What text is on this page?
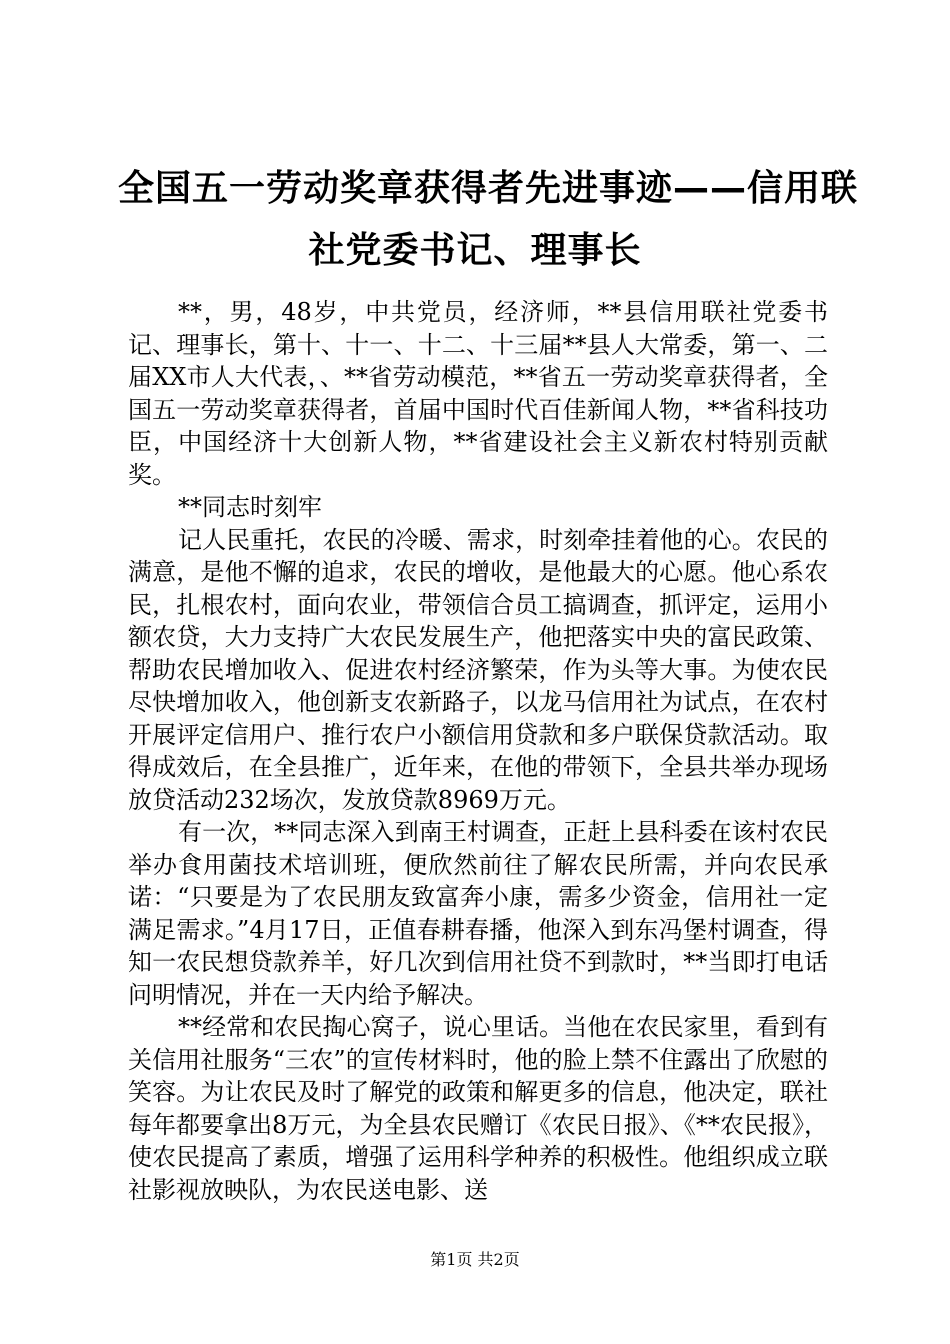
全国五一劳动奖章获得者先进事迹——信用联
社党委书记、理事长

**，男，48岁，中共党员，经济师，**县信用联社党委书记、理事长，第十、十一、十二、十三届**县人大常委，第一、二届XX市人大代表，、**省劳动模范，**省五一劳动奖章获得者，全国五一劳动奖章获得者，首届中国时代百佳新闻人物，**省科技功臣，中国经济十大创新人物，**省建设社会主义新农村特别贡献奖。

**同志时刻牢

记人民重托，农民的冷暖、需求，时刻牵挂着他的心。农民的满意，是他不懈的追求，农民的增收，是他最大的心愿。他心系农民，扎根农村，面向农业，带领信合员工搞调查，抓评定，运用小额农贷，大力支持广大农民发展生产，他把落实中央的富民政策、帮助农民增加收入、促进农村经济繁荣，作为头等大事。为使农民尽快增加收入，他创新支农新路子，以龙马信用社为试点，在农村开展评定信用户、推行农户小额信用贷款和多户联保贷款活动。取得成效后，在全县推广，近年来，在他的带领下，全县共举办现场放贷活动232场次，发放贷款8969万元。

有一次，**同志深入到南王村调查，正赶上县科委在该村农民举办食用菌技术培训班，便欣然前往了解农民所需，并向农民承诺：“只要是为了农民朋友致富奔小康，需多少资金，信用社一定满足需求。”4月17日，正值春耕春播，他深入到东冯堡村调查，得知一农民想贷款养羊，好几次到信用社贷不到款时，**当即打电话问明情况，并在一天内给予解决。

**经常和农民掏心窝子，说心里话。当他在农民家里，看到有关信用社服务“三农”的宣传材料时，他的脸上禁不住露出了欣慰的笑容。为让农民及时了解党的政策和解更多的信息，他决定，联社每年都要拿出8万元，为全县农民赠订《农民日报》、《**农民报》，使农民提高了素质，增强了运用科学种养的积极性。他组织成立联社影视放映队，为农民送电影、送

第1页 共2页
